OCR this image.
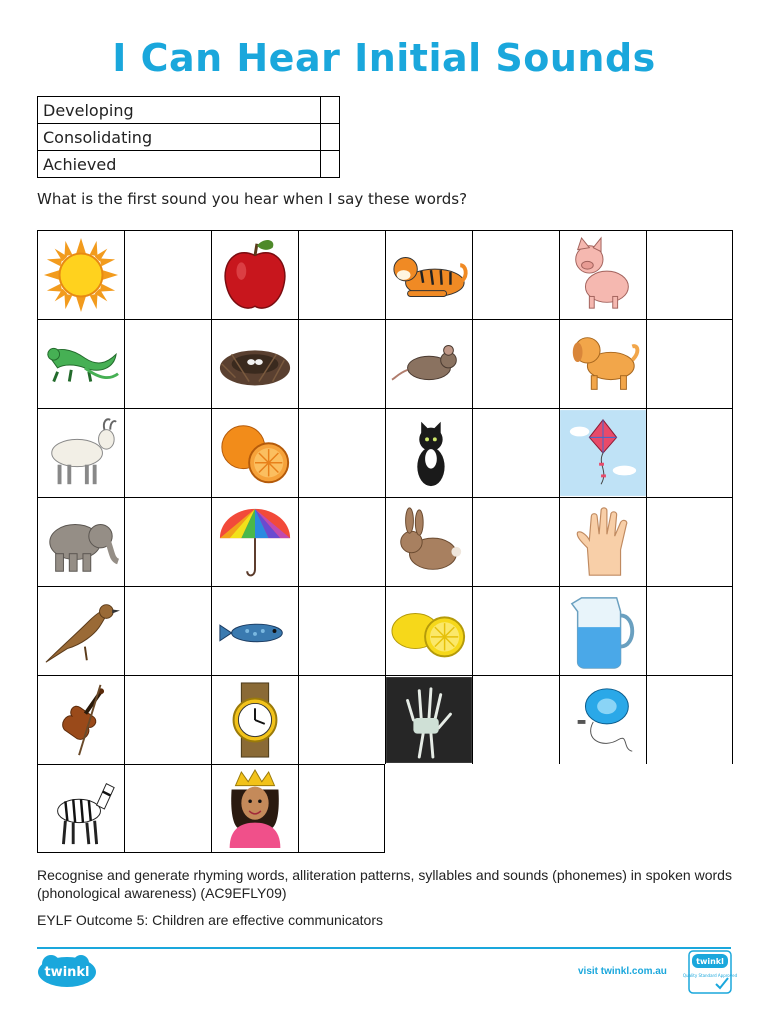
I Can Hear Initial Sounds
Developing	
Consolidating	
Achieved	

What is the first sound you hear when I say these words?

Recognise and generate rhyming words, alliteration patterns, syllables and sounds (phonemes) in spoken words (phonological awareness) (AC9EFLY09)

EYLF Outcome 5: Children are effective communicators

twinkl	visit twinkl.com.au
twinkl
Quality Standard Approved
